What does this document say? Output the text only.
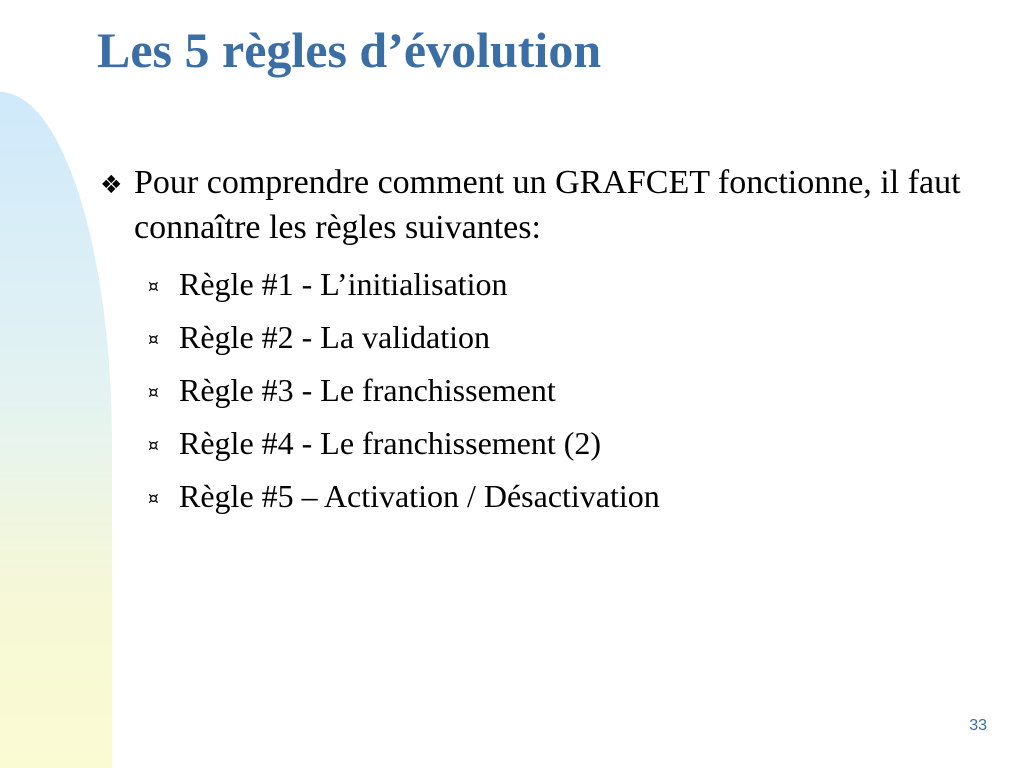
Les 5 règles d’évolution
❖ Pour comprendre comment un GRAFCET fonctionne, il faut connaître les règles suivantes:
¤ Règle #1 - L’initialisation
¤ Règle #2 - La validation
¤ Règle #3 - Le franchissement
¤ Règle #4 - Le franchissement (2)
¤ Règle #5 – Activation / Désactivation
33
